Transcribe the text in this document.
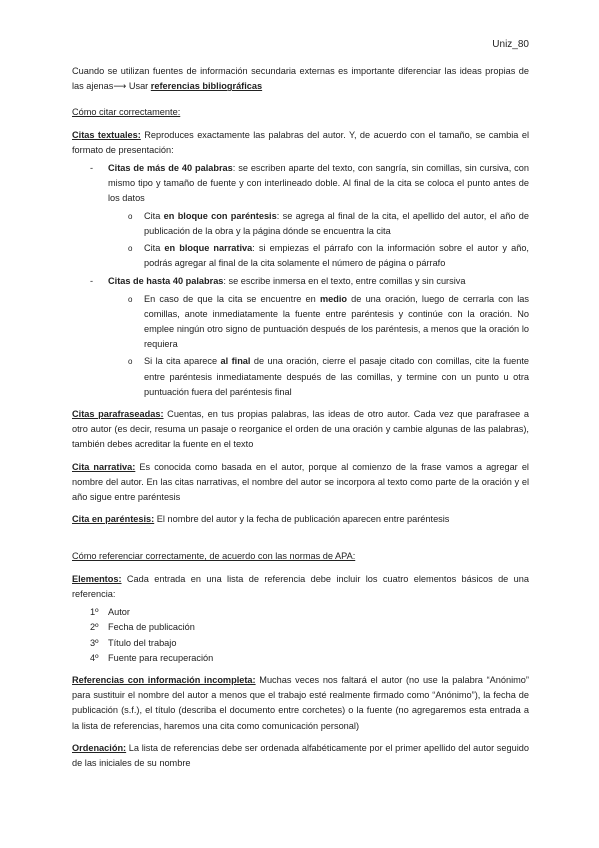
Uniz_80

Cuando se utilizan fuentes de información secundaria externas es importante diferenciar las ideas propias de las ajenas⟶ Usar referencias bibliográficas

Cómo citar correctamente:

Citas textuales: Reproduces exactamente las palabras del autor. Y, de acuerdo con el tamaño, se cambia el formato de presentación:

- Citas de más de 40 palabras: se escriben aparte del texto, con sangría, sin comillas, sin cursiva, con mismo tipo y tamaño de fuente y con interlineado doble. Al final de la cita se coloca el punto antes de los datos

o Cita en bloque con paréntesis: se agrega al final de la cita, el apellido del autor, el año de publicación de la obra y la página dónde se encuentra la cita

o Cita en bloque narrativa: si empiezas el párrafo con la información sobre el autor y año, podrás agregar al final de la cita solamente el número de página o párrafo

- Citas de hasta 40 palabras: se escribe inmersa en el texto, entre comillas y sin cursiva

o En caso de que la cita se encuentre en medio de una oración, luego de cerrarla con las comillas, anote inmediatamente la fuente entre paréntesis y continúe con la oración. No emplee ningún otro signo de puntuación después de los paréntesis, a menos que la oración lo requiera

o Si la cita aparece al final de una oración, cierre el pasaje citado con comillas, cite la fuente entre paréntesis inmediatamente después de las comillas, y termine con un punto u otra puntuación fuera del paréntesis final

Citas parafraseadas: Cuentas, en tus propias palabras, las ideas de otro autor. Cada vez que parafrasee a otro autor (es decir, resuma un pasaje o reorganice el orden de una oración y cambie algunas de las palabras), también debes acreditar la fuente en el texto

Cita narrativa: Es conocida como basada en el autor, porque al comienzo de la frase vamos a agregar el nombre del autor. En las citas narrativas, el nombre del autor se incorpora al texto como parte de la oración y el año sigue entre paréntesis

Cita en paréntesis: El nombre del autor y la fecha de publicación aparecen entre paréntesis

Cómo referenciar correctamente, de acuerdo con las normas de APA:

Elementos: Cada entrada en una lista de referencia debe incluir los cuatro elementos básicos de una referencia:

1º Autor
2º Fecha de publicación
3º Título del trabajo
4º Fuente para recuperación

Referencias con información incompleta: Muchas veces nos faltará el autor (no use la palabra “Anónimo” para sustituir el nombre del autor a menos que el trabajo esté realmente firmado como “Anónimo”), la fecha de publicación (s.f.), el título (describa el documento entre corchetes) o la fuente (no agregaremos esta entrada a la lista de referencias, haremos una cita como comunicación personal)

Ordenación: La lista de referencias debe ser ordenada alfabéticamente por el primer apellido del autor seguido de las iniciales de su nombre
